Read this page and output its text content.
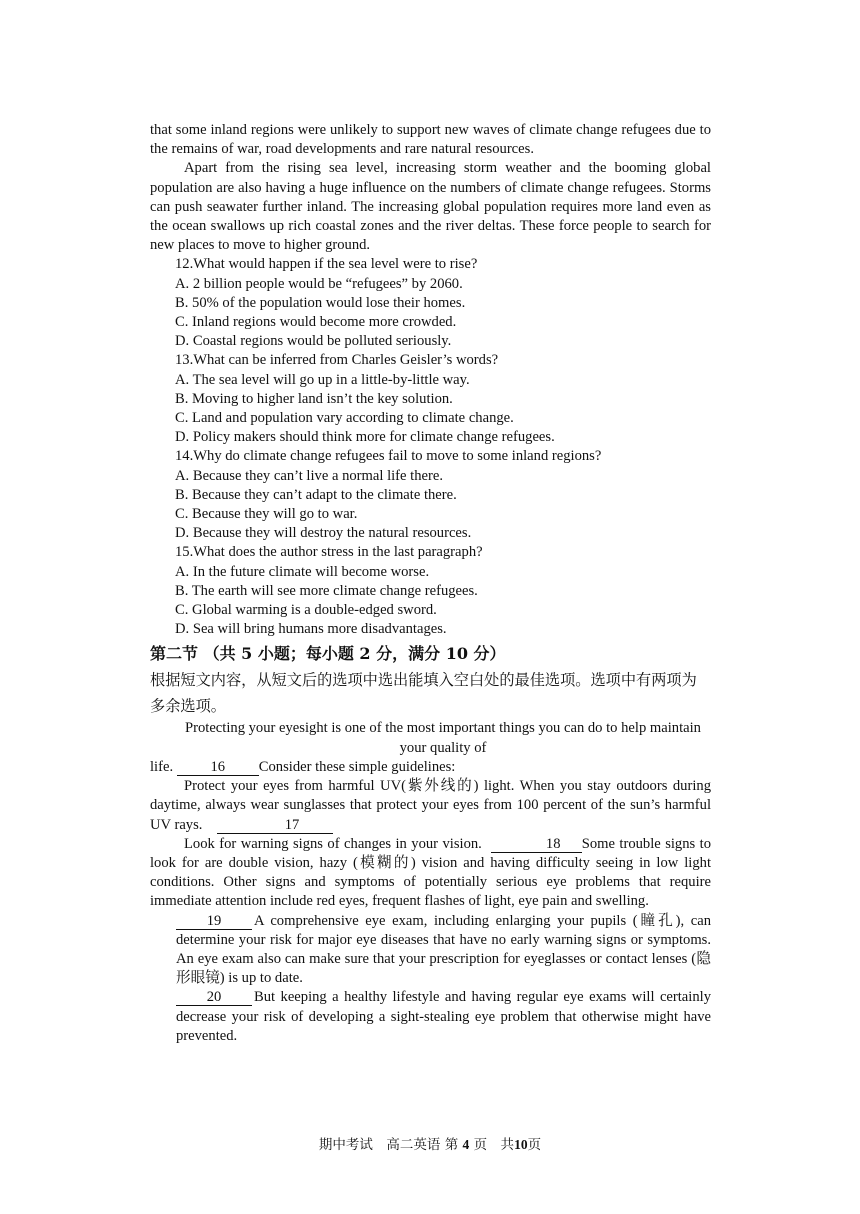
that some inland regions were unlikely to support new waves of climate change refugees due to the remains of war, road developments and rare natural resources.

Apart from the rising sea level, increasing storm weather and the booming global population are also having a huge influence on the numbers of climate change refugees. Storms can push seawater further inland. The increasing global population requires more land even as the ocean swallows up rich coastal zones and the river deltas. These force people to search for new places to move to higher ground.

12.What would happen if the sea level were to rise?

A. 2 billion people would be “refugees” by 2060.

B. 50% of the population would lose their homes.

C. Inland regions would become more crowded.

D. Coastal regions would be polluted seriously.

13.What can be inferred from Charles Geisler’s words?

A. The sea level will go up in a little-by-little way.

B. Moving to higher land isn’t the key solution.

C. Land and population vary according to climate change.

D. Policy makers should think more for climate change refugees.

14.Why do climate change refugees fail to move to some inland regions?

A. Because they can’t live a normal life there.

B. Because they can’t adapt to the climate there.

C. Because they will go to war.

D. Because they will destroy the natural resources.

15.What does the author stress in the last paragraph?

A. In the future climate will become worse.

B. The earth will see more climate change refugees.

C. Global warming is a double-edged sword.

D. Sea will bring humans more disadvantages.

第二节 （共 5 小题；每小题 2 分，满分 10 分）

根据短文内容，从短文后的选项中选出能填入空白处的最佳选项。选项中有两项为多余选项。

Protecting your eyesight is one of the most important things you can do to help maintain your quality of

life.	16 Consider these simple guidelines:

Protect your eyes from harmful UV(紫外线的) light. When you stay outdoors during daytime, always wear sunglasses that protect your eyes from 100 percent of the sun’s harmful UV rays.	17

Look for warning signs of changes in your vision.	18 Some trouble signs to look for are double vision, hazy (模糊的) vision and having difficulty seeing in low light conditions. Other signs and symptoms of potentially serious eye problems that require immediate attention include red eyes, frequent flashes of light, eye pain and swelling.

19 A comprehensive eye exam, including enlarging your pupils (瞳孔), can determine your risk for major eye diseases that have no early warning signs or symptoms. An eye exam also can make sure that your prescription for eyeglasses or contact lenses (隐形眼镜) is up to date.

20 But keeping a healthy lifestyle and having regular eye exams will certainly decrease your risk of developing a sight-stealing eye problem that otherwise might have prevented.

期中考试　高二英语 第 4 页　共10页
